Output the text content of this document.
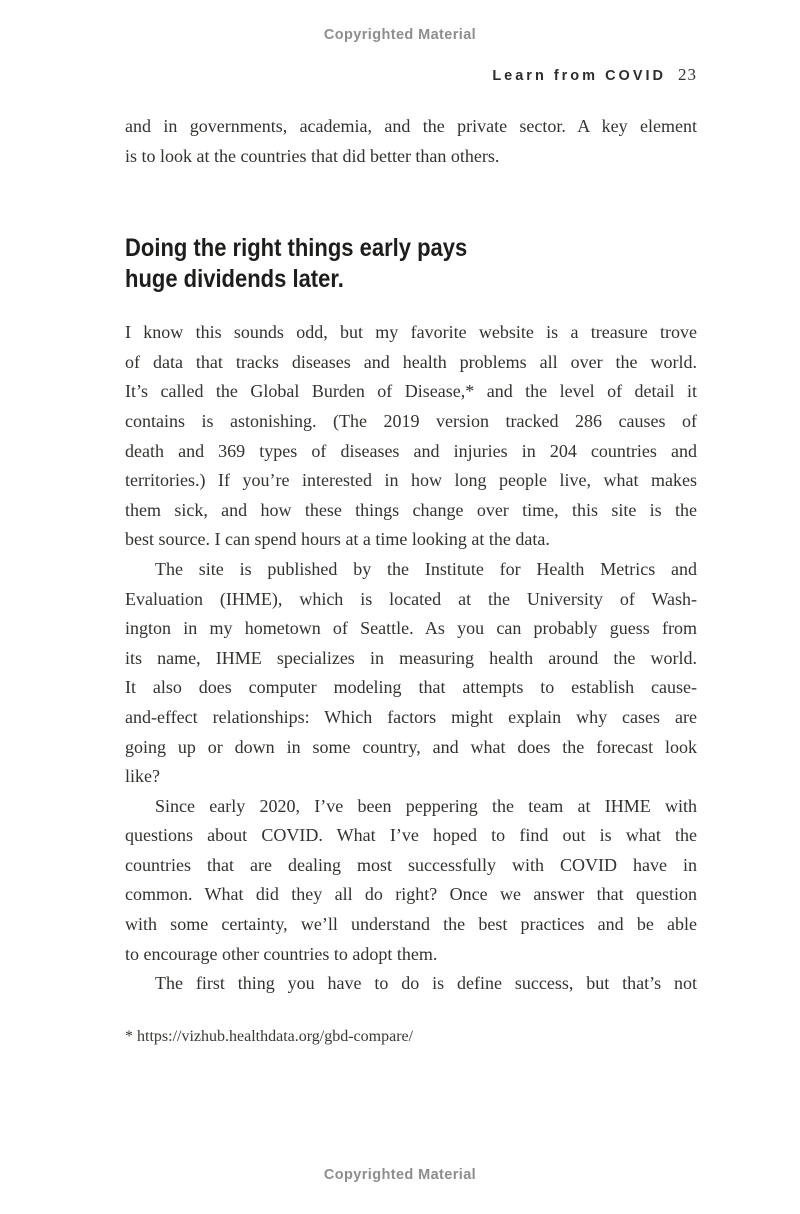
Copyrighted Material
Learn from COVID 23
and in governments, academia, and the private sector. A key element
is to look at the countries that did better than others.
Doing the right things early pays
huge dividends later.
I know this sounds odd, but my favorite website is a treasure trove
of data that tracks diseases and health problems all over the world.
It’s called the Global Burden of Disease,* and the level of detail it
contains is astonishing. (The 2019 version tracked 286 causes of
death and 369 types of diseases and injuries in 204 countries and
territories.) If you’re interested in how long people live, what makes
them sick, and how these things change over time, this site is the
best source. I can spend hours at a time looking at the data.
The site is published by the Institute for Health Metrics and
Evaluation (IHME), which is located at the University of Wash-
ington in my hometown of Seattle. As you can probably guess from
its name, IHME specializes in measuring health around the world.
It also does computer modeling that attempts to establish cause-
and-effect relationships: Which factors might explain why cases are
going up or down in some country, and what does the forecast look
like?
Since early 2020, I’ve been peppering the team at IHME with
questions about COVID. What I’ve hoped to find out is what the
countries that are dealing most successfully with COVID have in
common. What did they all do right? Once we answer that question
with some certainty, we’ll understand the best practices and be able
to encourage other countries to adopt them.
The first thing you have to do is define success, but that’s not
* https://vizhub.healthdata.org/gbd-compare/
Copyrighted Material
